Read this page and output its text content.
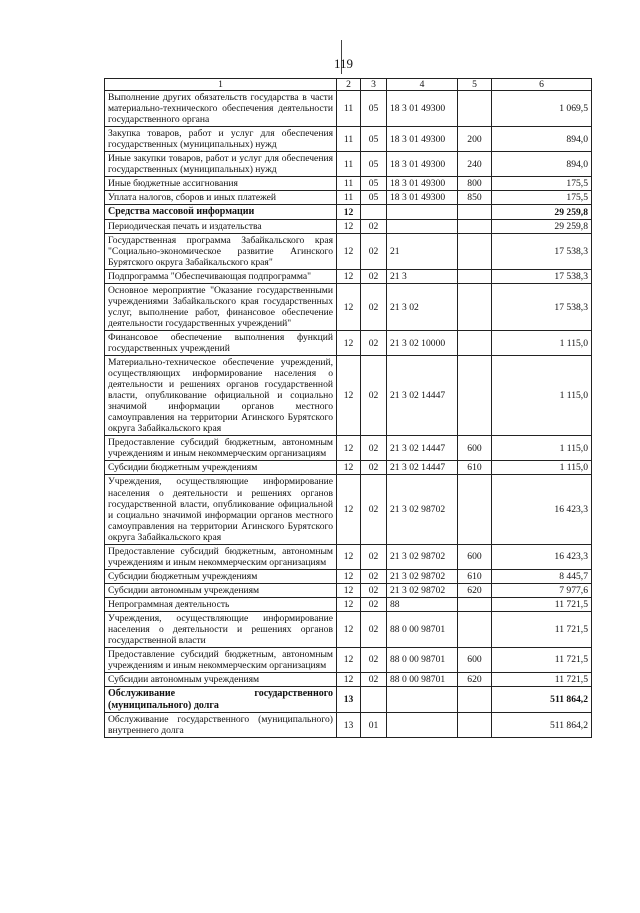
119
1	2	3	4	5	6
Выполнение других обязательств государства в части материально-технического обеспечения деятельности государственного органа	11	05	18 3 01 49300		1 069,5
Закупка товаров, работ и услуг для обеспечения государственных (муниципальных) нужд	11	05	18 3 01 49300	200	894,0
Иные закупки товаров, работ и услуг для обеспечения государственных (муниципальных) нужд	11	05	18 3 01 49300	240	894,0
Иные бюджетные ассигнования	11	05	18 3 01 49300	800	175,5
Уплата налогов, сборов и иных платежей	11	05	18 3 01 49300	850	175,5
Средства массовой информации	12				29 259,8
Периодическая печать и издательства	12	02			29 259,8
Государственная программа Забайкальского края "Социально-экономическое развитие Агинского Бурятского округа Забайкальского края"	12	02	21		17 538,3
Подпрограмма "Обеспечивающая подпрограмма"	12	02	21 3		17 538,3
Основное мероприятие "Оказание государственными учреждениями Забайкальского края государственных услуг, выполнение работ, финансовое обеспечение деятельности государственных учреждений"	12	02	21 3 02		17 538,3
Финансовое обеспечение выполнения функций государственных учреждений	12	02	21 3 02 10000		1 115,0
Материально-техническое обеспечение учреждений, осуществляющих информирование населения о деятельности и решениях органов государственной власти, опубликование официальной и социально значимой информации органов местного самоуправления на территории Агинского Бурятского округа Забайкальского края	12	02	21 3 02 14447		1 115,0
Предоставление субсидий бюджетным, автономным учреждениям и иным некоммерческим организациям	12	02	21 3 02 14447	600	1 115,0
Субсидии бюджетным учреждениям	12	02	21 3 02 14447	610	1 115,0
Учреждения, осуществляющие информирование населения о деятельности и решениях органов государственной власти, опубликование официальной и социально значимой информации органов местного самоуправления на территории Агинского Бурятского округа Забайкальского края	12	02	21 3 02 98702		16 423,3
Предоставление субсидий бюджетным, автономным учреждениям и иным некоммерческим организациям	12	02	21 3 02 98702	600	16 423,3
Субсидии бюджетным учреждениям	12	02	21 3 02 98702	610	8 445,7
Субсидии автономным учреждениям	12	02	21 3 02 98702	620	7 977,6
Непрограммная деятельность	12	02	88		11 721,5
Учреждения, осуществляющие информирование населения о деятельности и решениях органов государственной власти	12	02	88 0 00 98701		11 721,5
Предоставление субсидий бюджетным, автономным учреждениям и иным некоммерческим организациям	12	02	88 0 00 98701	600	11 721,5
Субсидии автономным учреждениям	12	02	88 0 00 98701	620	11 721,5
Обслуживание государственного (муниципального) долга	13				511 864,2
Обслуживание государственного (муниципального) внутреннего долга	13	01			511 864,2
